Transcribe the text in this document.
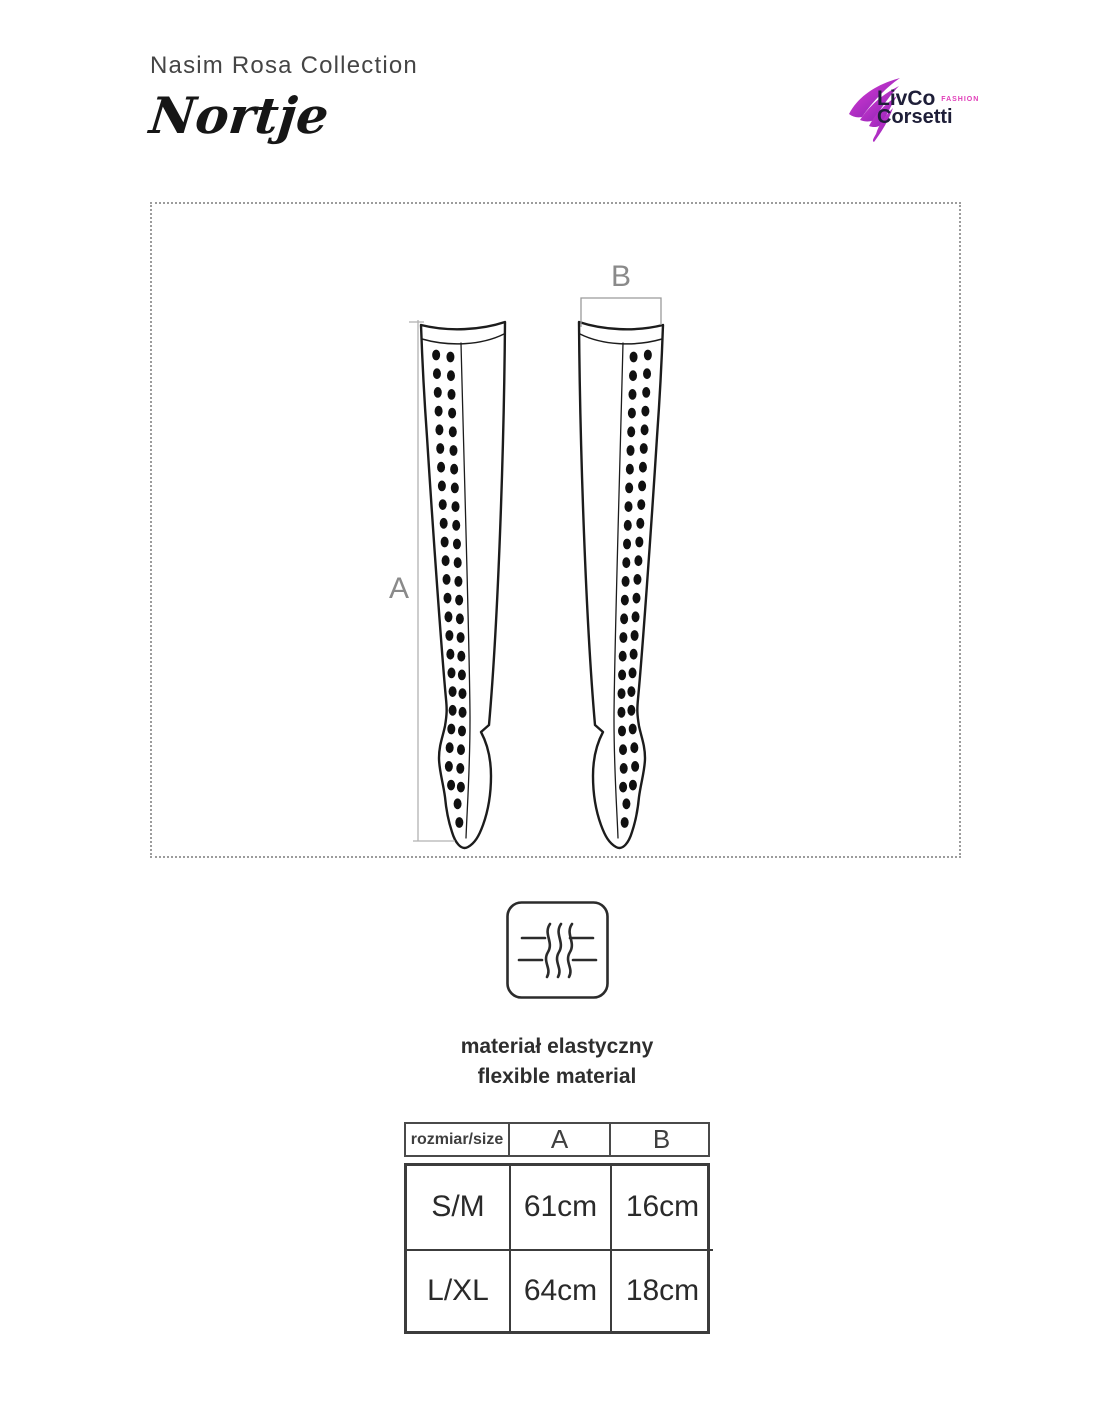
Nasim Rosa Collection
Nortje	LivCo FASHION
Corsetti
A
B
materiał elastyczny
flexible material
rozmiar/size	A	B
S/M	61cm 16cm
L/XL	64cm 18cm
